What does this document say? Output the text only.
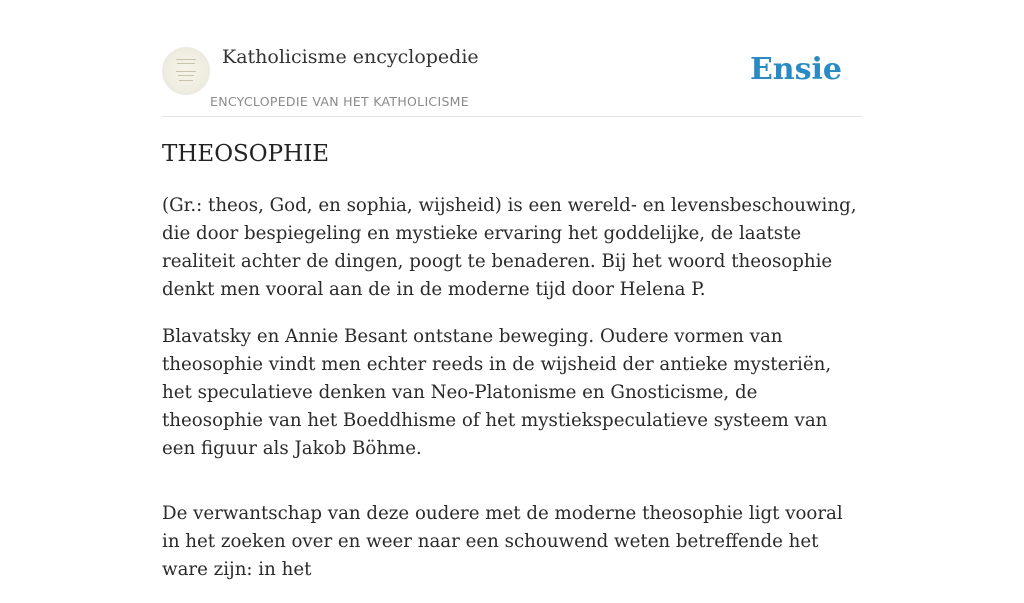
Katholicisme encyclopedie
ENCYCLOPEDIE VAN HET KATHOLICISME
Ensie
THEOSOPHIE

(Gr.: theos, God, en sophia, wijsheid) is een wereld- en levensbeschouwing, die door bespiegeling en mystieke ervaring het goddelijke, de laatste realiteit achter de dingen, poogt te benaderen. Bij het woord theosophie denkt men vooral aan de in de moderne tijd door Helena P.

Blavatsky en Annie Besant ontstane beweging. Oudere vormen van theosophie vindt men echter reeds in de wijsheid der antieke mysteriën, het speculatieve denken van Neo-Platonisme en Gnosticisme, de theosophie van het Boeddhisme of het mystiekspeculatieve systeem van een figuur als Jakob Böhme.

De verwantschap van deze oudere met de moderne theosophie ligt vooral in het zoeken over en weer naar een schouwend weten betreffende het ware zijn: in het
